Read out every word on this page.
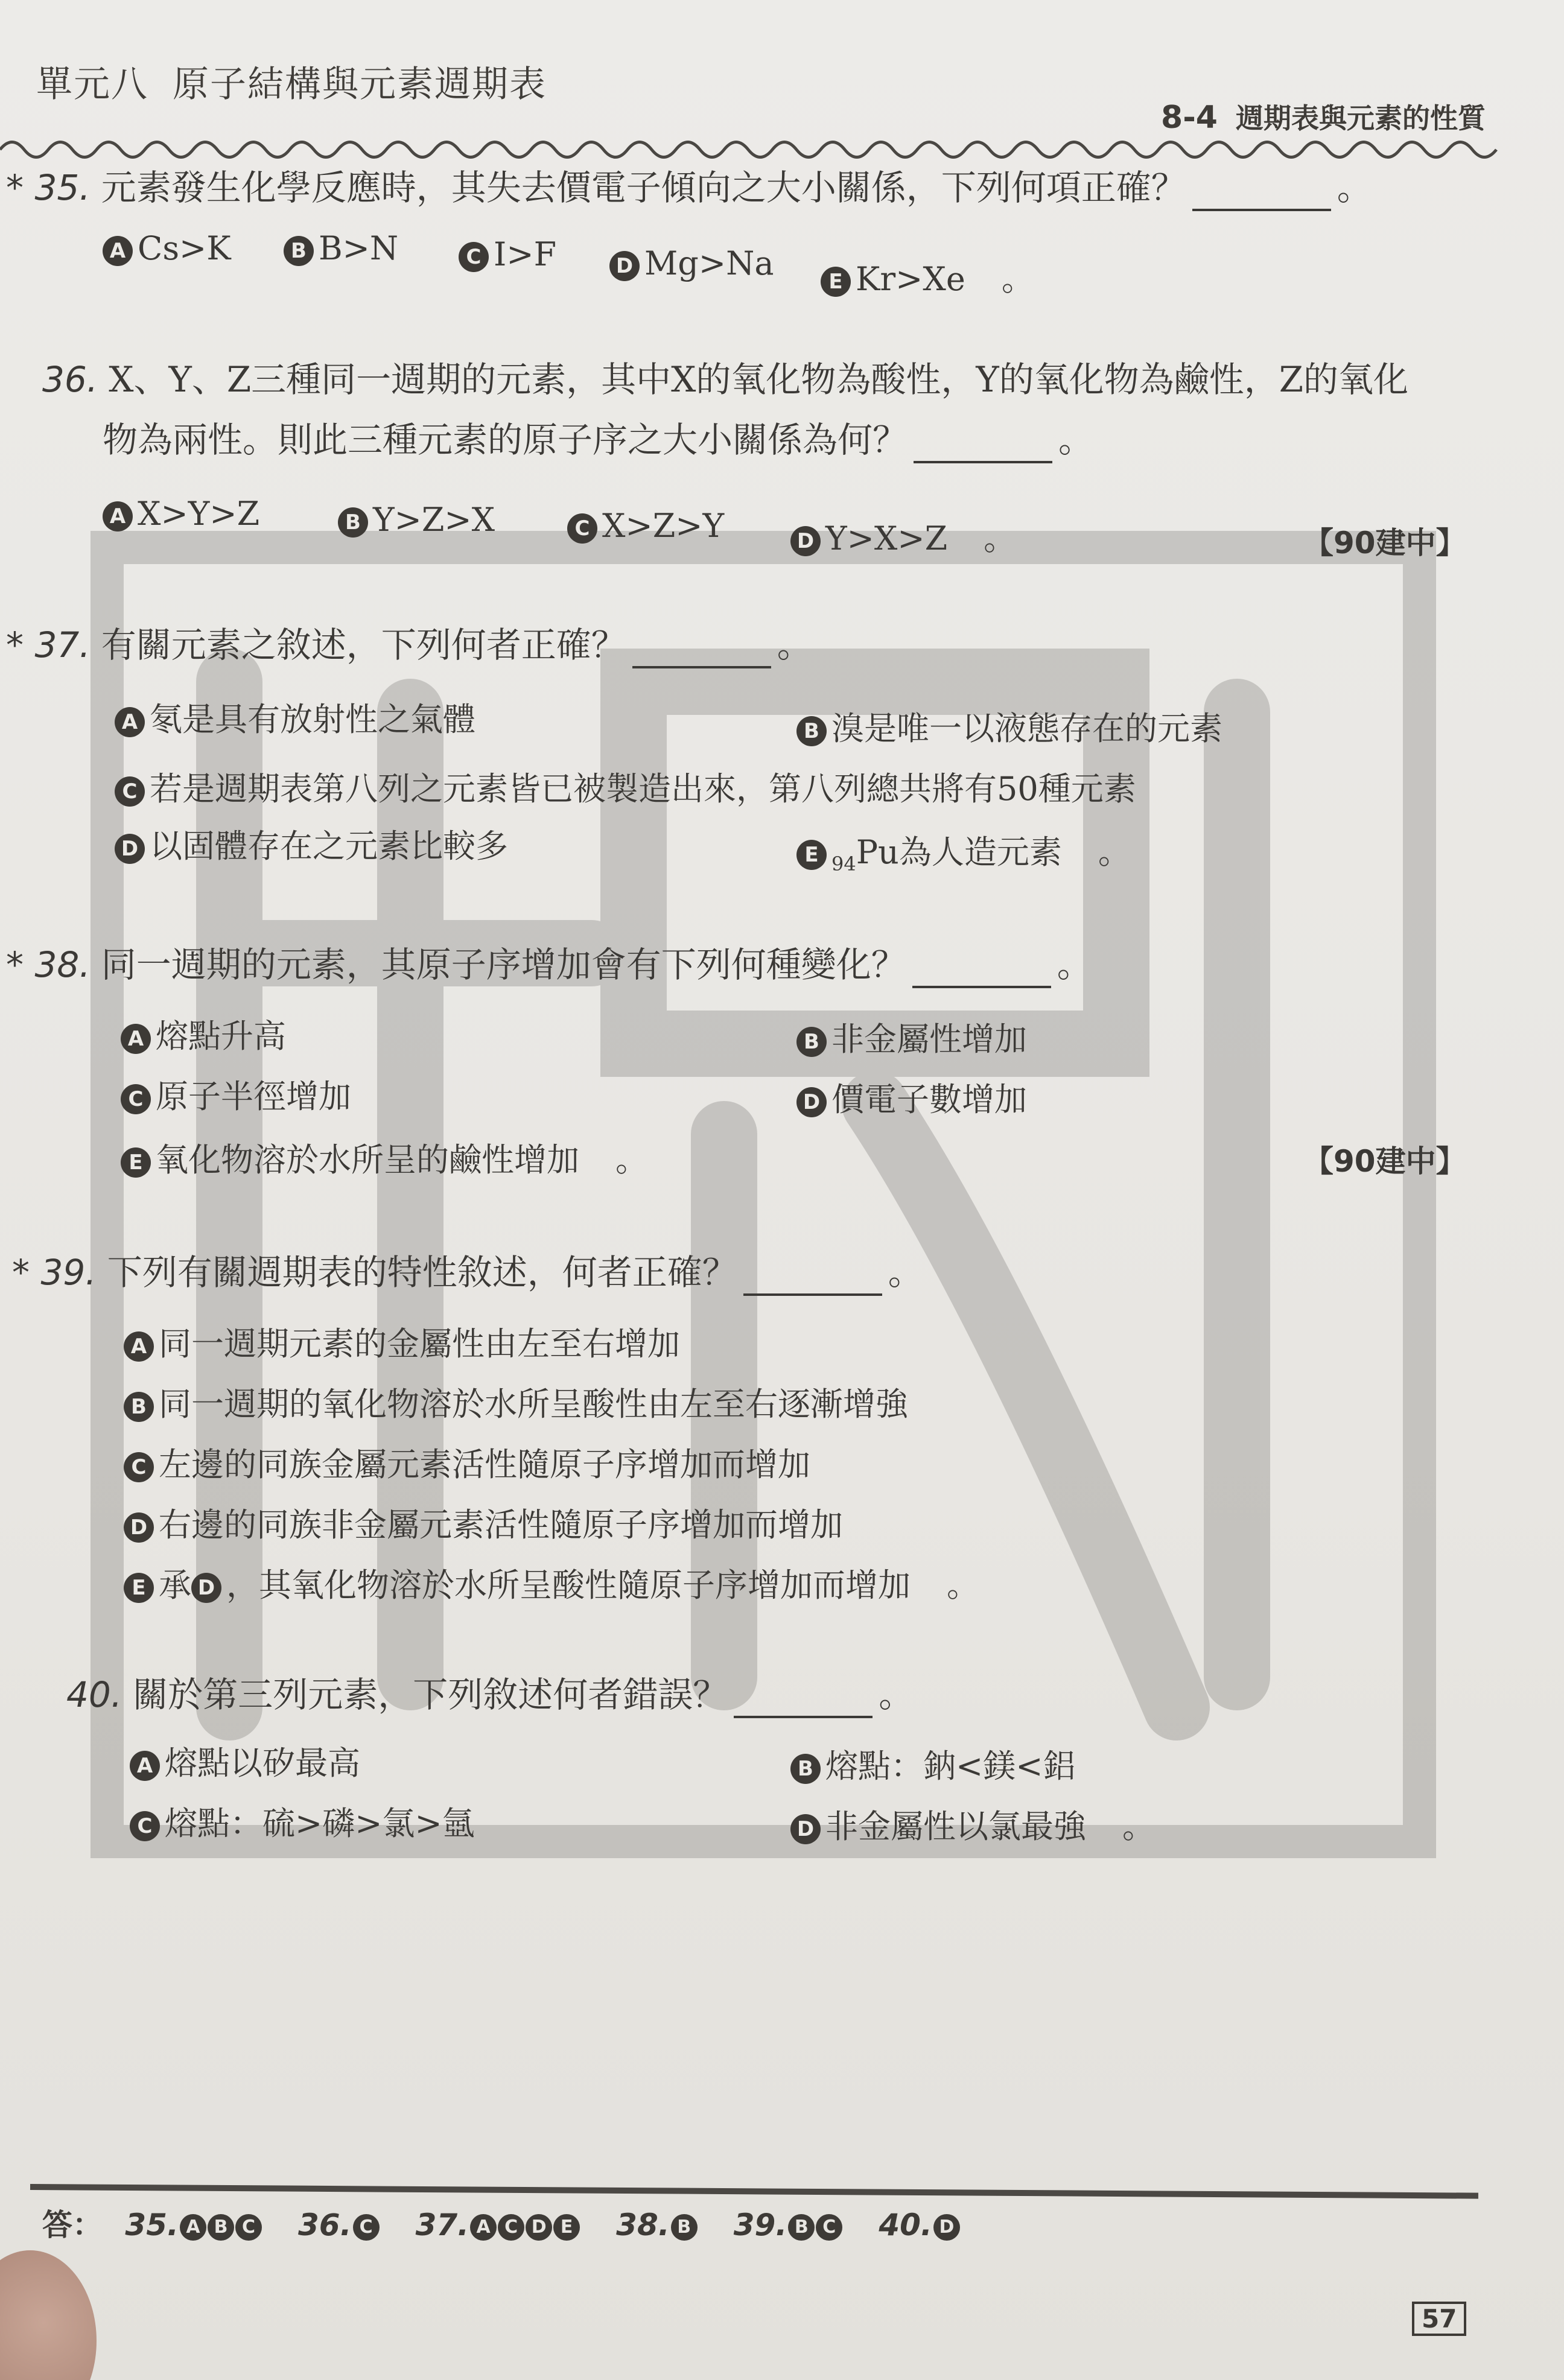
單元八 原子結構與元素週期表
8-4 週期表與元素的性質
* 35. 元素發生化學反應時，其失去價電子傾向之大小關係，下列何項正確？	。
A Cs>K	B B>N	C I>F	D Mg>Na	E Kr>Xe 。
36. X、Y、Z三種同一週期的元素，其中X的氧化物為酸性，Y的氧化物為鹼性，Z的氧化
物為兩性。則此三種元素的原子序之大小關係為何？	。
A X>Y>Z	B Y>Z>X	C X>Z>Y	D Y>X>Z 。	【90建中】
* 37. 有關元素之敘述，下列何者正確？	。
A 氡是具有放射性之氣體	B 溴是唯一以液態存在的元素
C 若是週期表第八列之元素皆已被製造出來，第八列總共將有50種元素
D 以固體存在之元素比較多	E $_{94}$Pu為人造元素 。
* 38. 同一週期的元素，其原子序增加會有下列何種變化？	。
A 熔點升高	B 非金屬性增加
C 原子半徑增加	D 價電子數增加
E 氧化物溶於水所呈的鹼性增加 。	【90建中】
* 39. 下列有關週期表的特性敘述，何者正確？	。
A 同一週期元素的金屬性由左至右增加
B 同一週期的氧化物溶於水所呈酸性由左至右逐漸增強
C 左邊的同族金屬元素活性隨原子序增加而增加
D 右邊的同族非金屬元素活性隨原子序增加而增加
E 承 D ，其氧化物溶於水所呈酸性隨原子序增加而增加 。
40. 關於第三列元素，下列敘述何者錯誤？	。
A 熔點以矽最高	B 熔點：鈉<鎂<鋁
C 熔點：硫>磷>氯>氬	D 非金屬性以氯最強 。
答： 35. A B C 36. C 37. A C D E 38. B 39. B C 40. D
57
